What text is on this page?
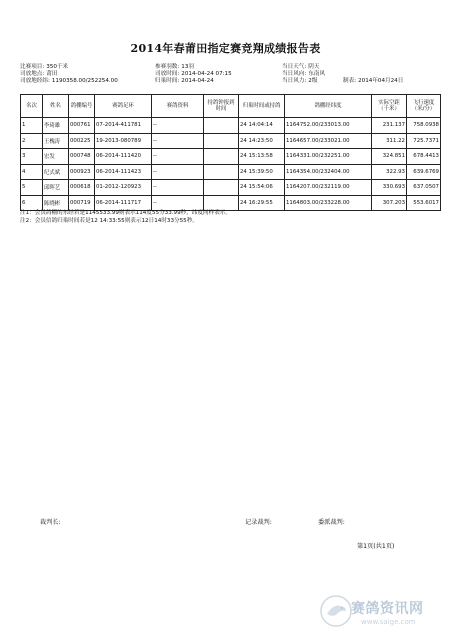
2014年春莆田指定赛竞翔成绩报告表
比赛项目: 350千米	参赛羽数: 13羽	当日天气: 阴天
司放地点: 莆田	司放时间: 2014-04-24 07:15	当日风向: 东南风
司放地经纬: 1190358.00/252254.00	归巢时间: 2014-04-24	当日风力: 2级	制表: 2014年04月24日
名次	姓名	鸽棚编号	赛鸽足环	赛鸽资料	持鸽钟报到时间	归巢时间或持鸽	鸽棚经纬度	实际空距（千米）	飞行速度（米/分）
1	李琦雄	000761	07-2014-411781	--		24 14:04:14	1164752.00/233013.00	231.137	758.0938
2	王槐涛	000225	19-2013-080789	--		24 14:23:50	1164657.00/233021.00	311.22	725.7371
3	宏发	000748	06-2014-111420	--		24 15:13:58	1164331.00/232251.00	324.851	678.4413
4	纪式斌	000923	06-2014-111423	--		24 15:39:50	1164354.00/232404.00	322.93	639.6769
5	邱晖艺	000618	01-2012-120923	--		24 15:54:06	1164207.00/232119.00	330.693	637.0507
6	陈晓彬	000719	06-2014-111717	--		24 16:29:55	1164803.00/233228.00	307.203	553.6017
注1：会员鸽棚的东经若是1145533.99则表示114度55分33.99秒，纬度同样表示。
注2：会员信鸽归巢时间若是12 14:33:55则表示12日14时33分55秒。
裁判长:	记录裁判:	委派裁判:
第1页(共1页)
赛鸽资讯网
www.saige.com
